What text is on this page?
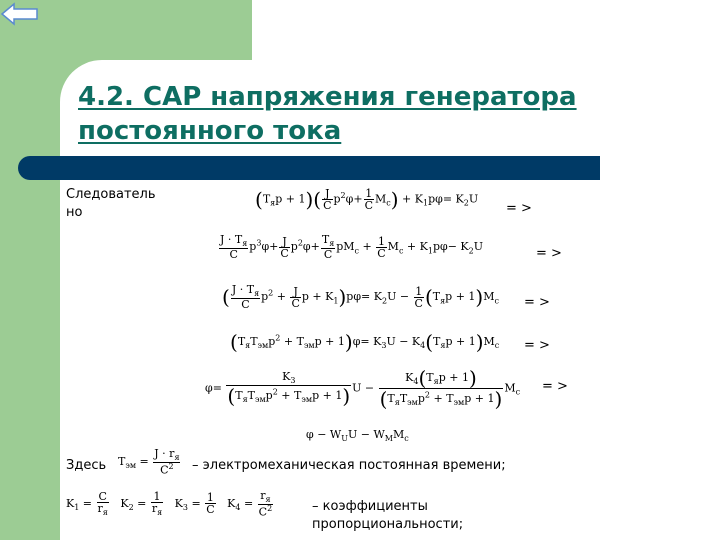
4.2. САР напряжения генератора
постоянного тока
Следователь
но
$(T_яp + 1)( \frac{J}{C} p^2\varphi+ \frac{1}{C} M_c) + K_1p\varphi= K_2U$
= >
$\frac{J \cdot T_я}{C} p^3\varphi+ \frac{J}{C} p^2\varphi+ \frac{T_я}{C} pM_c + \frac{1}{C} M_c + K_1p\varphi- K_2U$	= >
( $\frac{J \cdot T_я}{C} p^2 + \frac{J}{C}$ $p + K_1)p\varphi= K_2U - \frac{1}{C} (T_яp + 1)M_c$ = >
$(T_яT_{эм}p^2 + T_{эм}p + 1)\varphi= K_3U - K_4(T_яp + 1)M_c$ = >
$\varphi= \frac{K_3}{(T_яT_{эм}p^2 + T_{эм}p + 1)}$ $U - \frac{K_4(T_яp + 1)}{(T_яT_{эм}p^2 + T_{эм}p + 1)} M_c$ = >
$\varphi - W_UU - W_MM_c$
Здесь $T_{эм} = \frac{J \cdot r_я}{C^2}$ – электромеханическая постоянная времени;
$K_1 = \frac{C}{r_я} K_2 = \frac{1}{r_я} K_3 = \frac{1}{C} K_4 = \frac{r_я}{C^2}$	– коэффициенты пропорциональности;
